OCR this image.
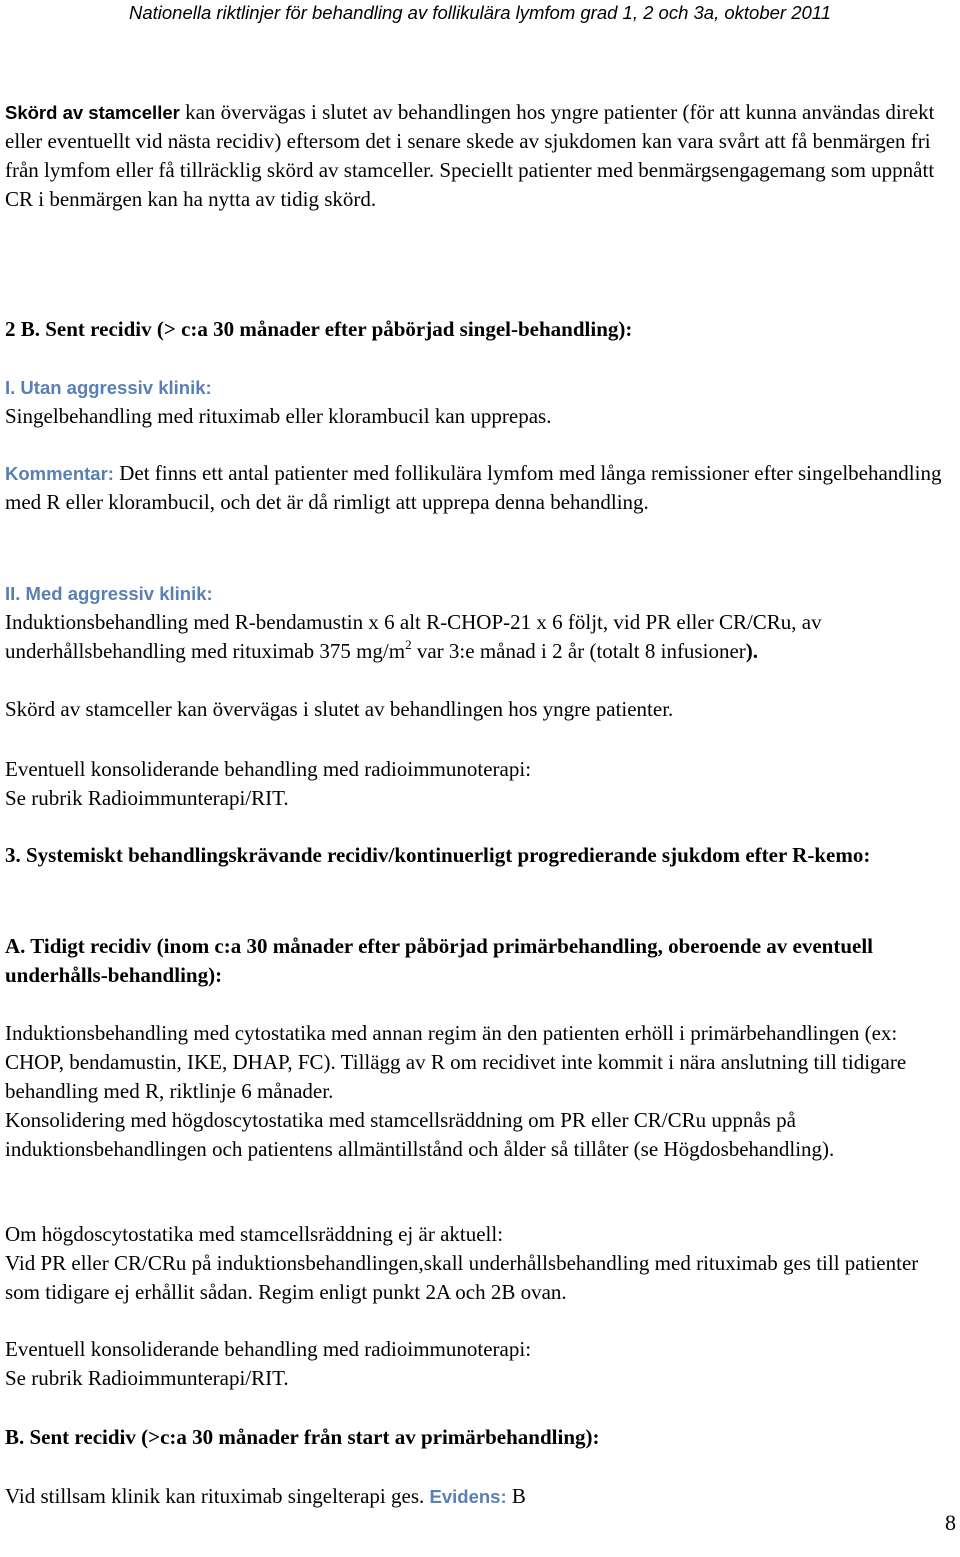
Nationella riktlinjer för behandling av follikulära lymfom grad 1, 2 och 3a, oktober 2011

Skörd av stamceller kan övervägas i slutet av behandlingen hos yngre patienter (för att kunna användas direkt eller eventuellt vid nästa recidiv) eftersom det i senare skede av sjukdomen kan vara svårt att få benmärgen fri från lymfom eller få tillräcklig skörd av stamceller. Speciellt patienter med benmärgsengagemang som uppnått CR i benmärgen kan ha nytta av tidig skörd.

2 B. Sent recidiv (> c:a 30 månader efter påbörjad singel-behandling):

I. Utan aggressiv klinik:
Singelbehandling med rituximab eller klorambucil kan upprepas.

Kommentar: Det finns ett antal patienter med follikulära lymfom med långa remissioner efter singelbehandling med R eller klorambucil, och det är då rimligt att upprepa denna behandling.

II. Med aggressiv klinik:
Induktionsbehandling med R-bendamustin x 6 alt R-CHOP-21 x 6 följt, vid PR eller CR/CRu, av underhållsbehandling med rituximab 375 $mg/m^2$ var 3:e månad i 2 år (totalt 8 infusioner).

Skörd av stamceller kan övervägas i slutet av behandlingen hos yngre patienter.

Eventuell konsoliderande behandling med radioimmunoterapi:
Se rubrik Radioimmunterapi/RIT.

3. Systemiskt behandlingskrävande recidiv/kontinuerligt progredierande sjukdom efter R-kemo:

A. Tidigt recidiv (inom c:a 30 månader efter påbörjad primärbehandling, oberoende av eventuell underhålls-behandling):

Induktionsbehandling med cytostatika med annan regim än den patienten erhöll i primärbehandlingen (ex: CHOP, bendamustin, IKE, DHAP, FC). Tillägg av R om recidivet inte kommit i nära anslutning till tidigare behandling med R, riktlinje 6 månader.

Konsolidering med högdoscytostatika med stamcellsräddning om PR eller CR/CRu uppnås på induktionsbehandlingen och patientens allmäntillstånd och ålder så tillåter (se Högdosbehandling).

Om högdoscytostatika med stamcellsräddning ej är aktuell:
Vid PR eller CR/CRu på induktionsbehandlingen,skall underhållsbehandling med rituximab ges till patienter som tidigare ej erhållit sådan. Regim enligt punkt 2A och 2B ovan.

Eventuell konsoliderande behandling med radioimmunoterapi:
Se rubrik Radioimmunterapi/RIT.

B. Sent recidiv (>c:a 30 månader från start av primärbehandling):

Vid stillsam klinik kan rituximab singelterapi ges. Evidens: B

8
